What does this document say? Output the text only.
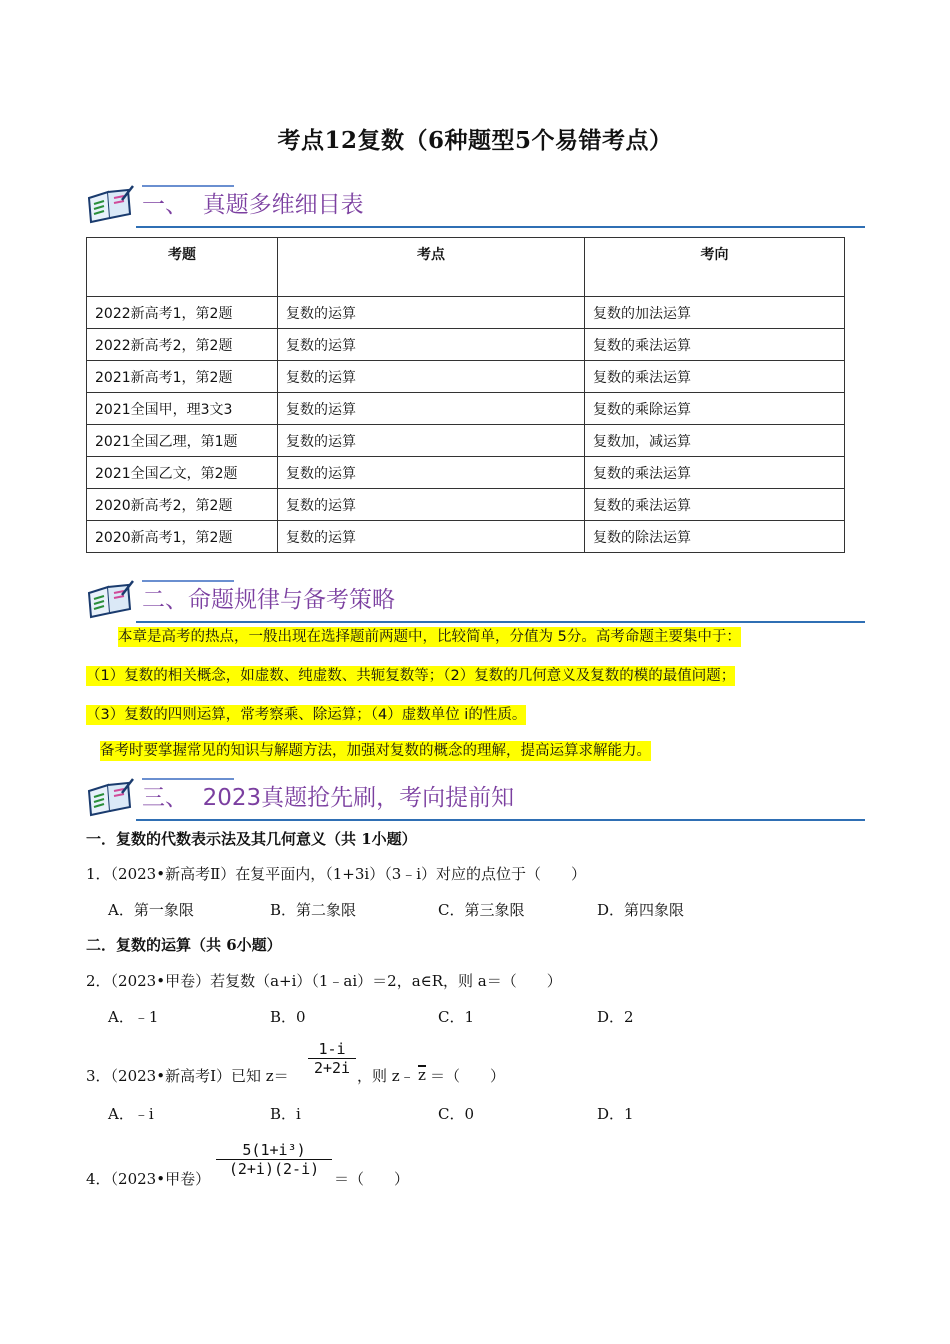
考点12复数（6种题型5个易错考点）
一、  真题多维细目表
考题	考点	考向
2022新高考1，第2题	复数的运算	复数的加法运算
2022新高考2，第2题	复数的运算	复数的乘法运算
2021新高考1，第2题	复数的运算	复数的乘法运算
2021全国甲，理3文3	复数的运算	复数的乘除运算
2021全国乙理，第1题	复数的运算	复数加，减运算
2021全国乙文，第2题	复数的运算	复数的乘法运算
2020新高考2，第2题	复数的运算	复数的乘法运算
2020新高考1，第2题	复数的运算	复数的除法运算
二、命题规律与备考策略
本章是高考的热点，一般出现在选择题前两题中，比较简单，分值为 5分。高考命题主要集中于：
（1）复数的相关概念，如虚数、纯虚数、共轭复数等；（2）复数的几何意义及复数的模的最值问题；
（3）复数的四则运算，常考察乘、除运算；（4）虚数单位 i的性质。
备考时要掌握常见的知识与解题方法，加强对复数的概念的理解，提高运算求解能力。
三、  2023真题抢先刷，考向提前知
一．复数的代数表示法及其几何意义（共 1小题）
1．（2023•新高考Ⅱ）在复平面内，（1+3i）（3﹣i）对应的点位于（　　）
A．第一象限	B．第二象限	C．第三象限	D．第四象限
二．复数的运算（共 6小题）
2．（2023•甲卷）若复数（a+i）（1﹣ai）＝2，a∈R，则 a＝（　　）
A．﹣1	B．0	C．1	D．2
3．（2023•新高考Ⅰ）已知 $z= \frac{1-i}{2+2i}$ ，则 z﹣ z ＝（　　）
A．﹣i	B．i	C．0	D．1
4．（2023•甲卷）
$\frac{\text{5(1+i³)}}{(2+i)(2-i)}$
＝（　　）
